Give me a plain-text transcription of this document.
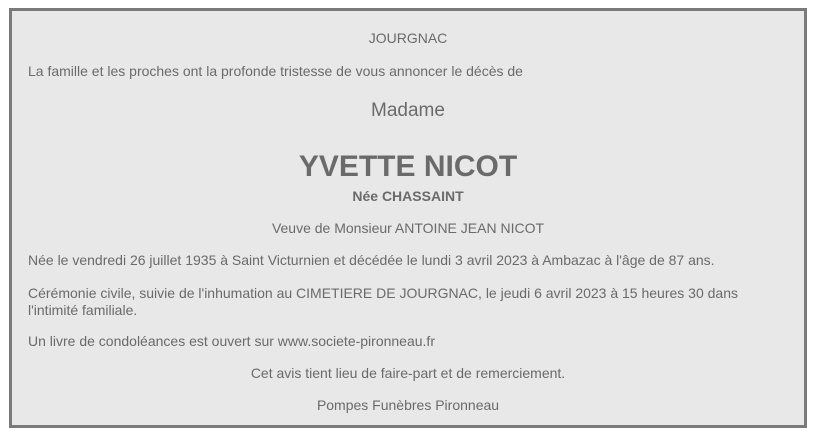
JOURGNAC
La famille et les proches ont la profonde tristesse de vous annoncer le décès de
Madame
YVETTE NICOT
Née CHASSAINT
Veuve de Monsieur ANTOINE JEAN NICOT
Née le vendredi 26 juillet 1935 à Saint Victurnien et décédée le lundi 3 avril 2023 à Ambazac à l'âge de 87 ans.
Cérémonie civile, suivie de l'inhumation au CIMETIERE DE JOURGNAC, le jeudi 6 avril 2023 à 15 heures 30 dans l'intimité familiale.
Un livre de condoléances est ouvert sur www.societe-pironneau.fr
Cet avis tient lieu de faire-part et de remerciement.
Pompes Funèbres Pironneau
